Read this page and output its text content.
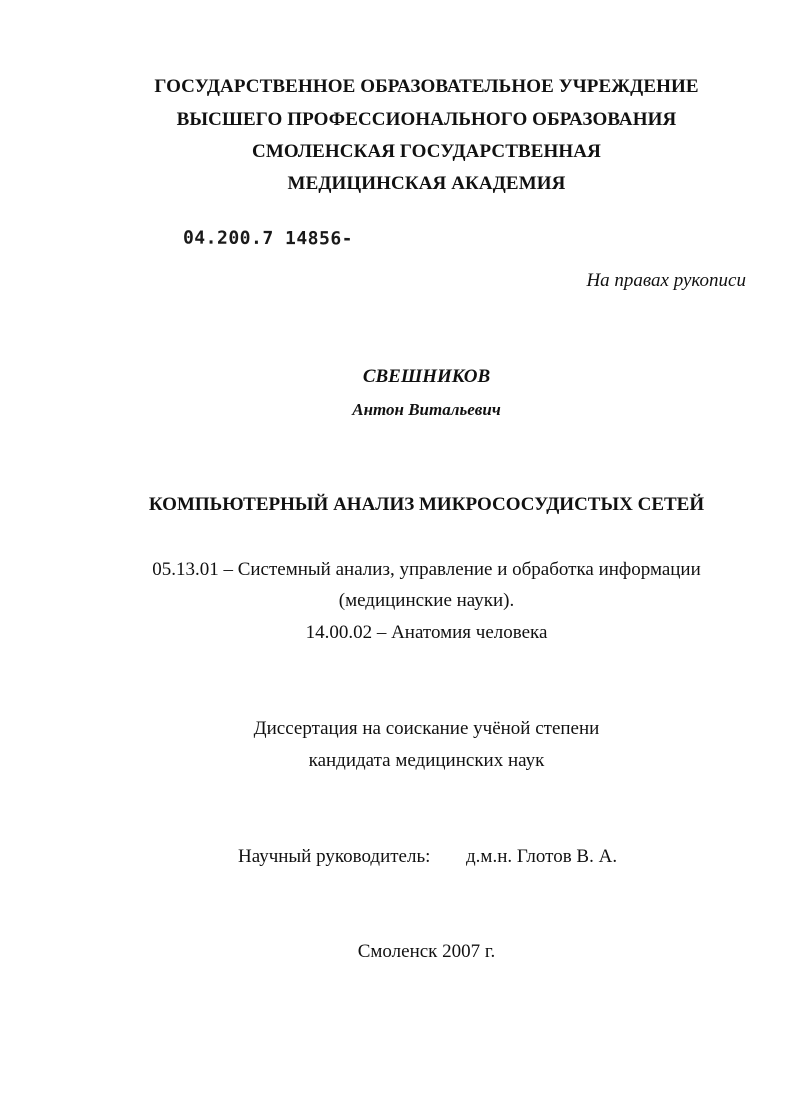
ГОСУДАРСТВЕННОЕ ОБРАЗОВАТЕЛЬНОЕ УЧРЕЖДЕНИЕ
ВЫСШЕГО ПРОФЕССИОНАЛЬНОГО ОБРАЗОВАНИЯ
СМОЛЕНСКАЯ ГОСУДАРСТВЕННАЯ
МЕДИЦИНСКАЯ АКАДЕМИЯ
04.200.7 14856-
На правах рукописи
СВЕШНИКОВ
Антон Витальевич
КОМПЬЮТЕРНЫЙ АНАЛИЗ МИКРОСОСУДИСТЫХ СЕТЕЙ
05.13.01 – Системный анализ, управление и обработка информации
(медицинские науки).
14.00.02 – Анатомия человека
Диссертация на соискание учёной степени
кандидата медицинских наук
Научный руководитель: д.м.н. Глотов В. А.
Смоленск 2007 г.
